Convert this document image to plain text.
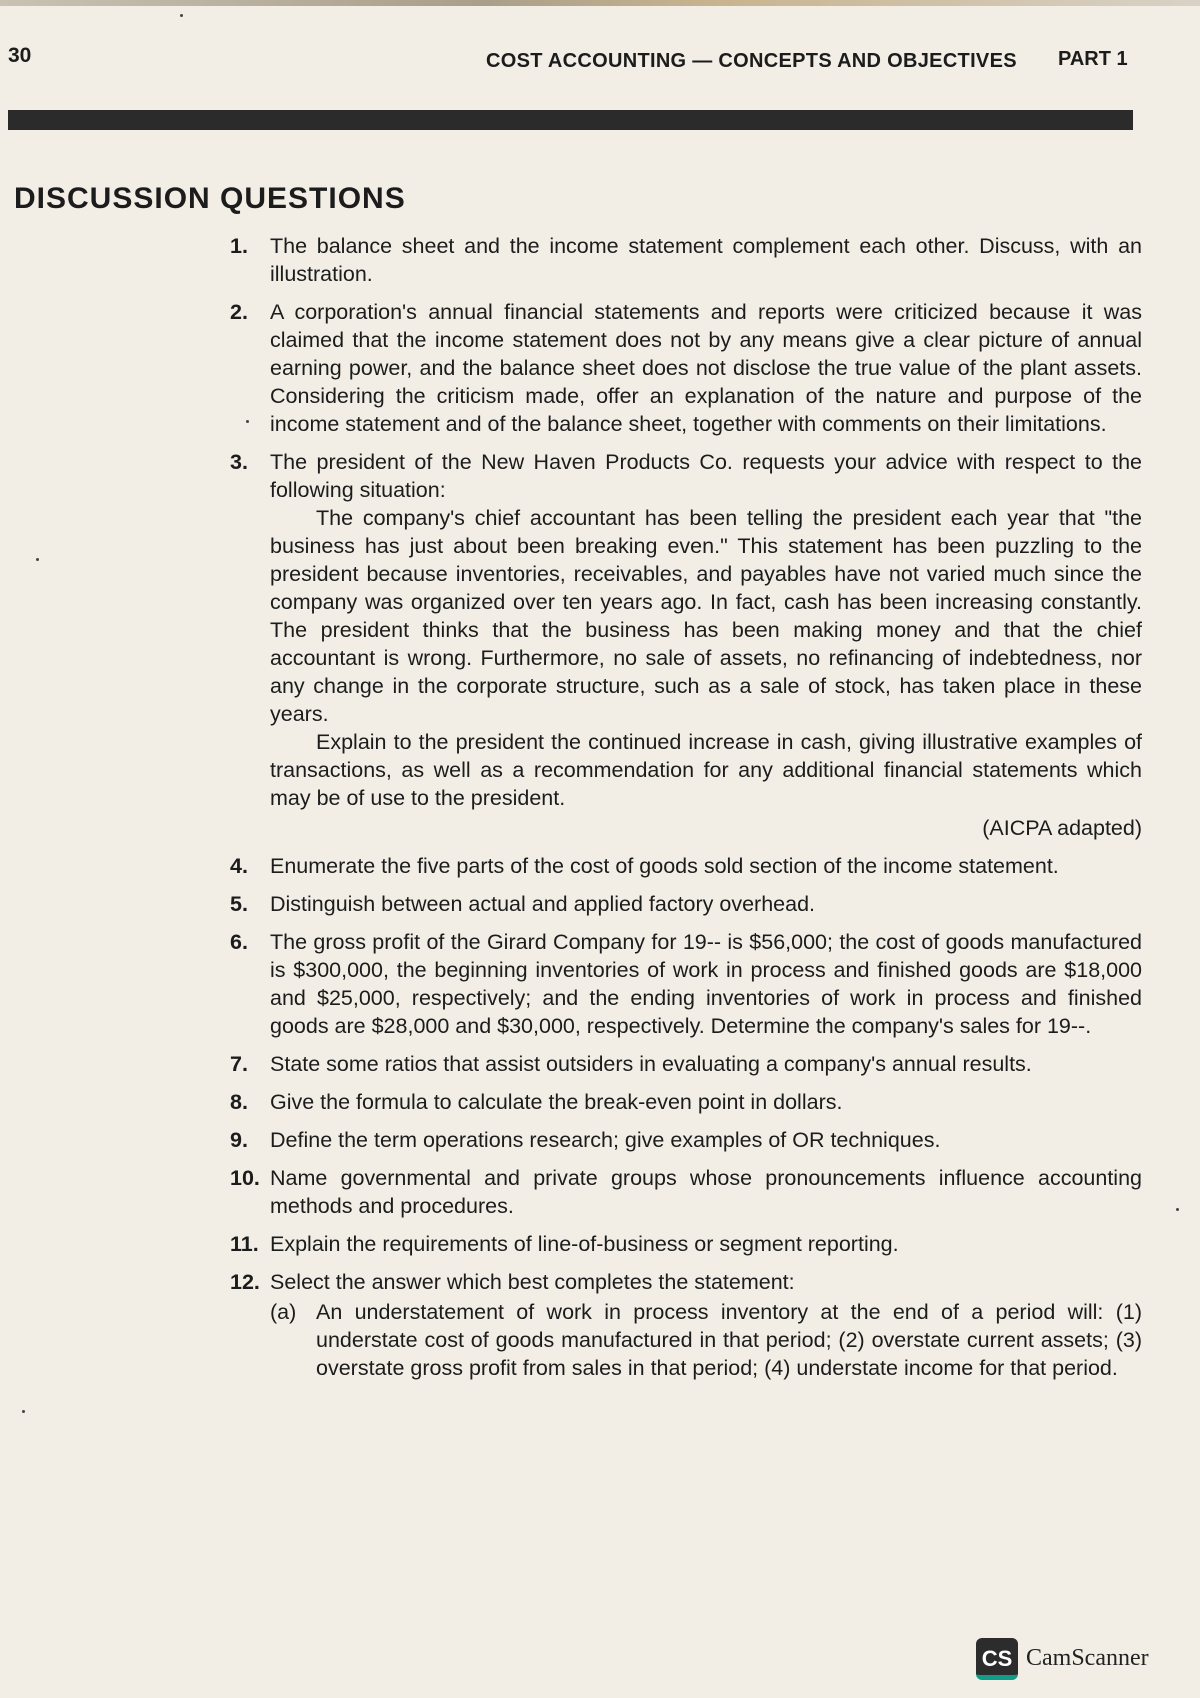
30	COST ACCOUNTING — CONCEPTS AND OBJECTIVES PART 1
DISCUSSION QUESTIONS
1. The balance sheet and the income statement complement each other. Discuss, with an illustration.

2. A corporation's annual financial statements and reports were criticized because it was claimed that the income statement does not by any means give a clear picture of annual earning power, and the balance sheet does not disclose the true value of the plant assets. Considering the criticism made, offer an explanation of the nature and purpose of the income statement and of the balance sheet, together with comments on their limitations.

3. The president of the New Haven Products Co. requests your advice with respect to the following situation:

The company's chief accountant has been telling the president each year that "the business has just about been breaking even." This statement has been puzzling to the president because inventories, receivables, and payables have not varied much since the company was organized over ten years ago. In fact, cash has been increasing constantly. The president thinks that the business has been making money and that the chief accountant is wrong. Furthermore, no sale of assets, no refinancing of indebtedness, nor any change in the corporate structure, such as a sale of stock, has taken place in these years.

Explain to the president the continued increase in cash, giving illustrative examples of transactions, as well as a recommendation for any additional financial statements which may be of use to the president.

(AICPA adapted)

4. Enumerate the five parts of the cost of goods sold section of the income statement.

5. Distinguish between actual and applied factory overhead.

6. The gross profit of the Girard Company for 19-- is $56,000; the cost of goods manufactured is $300,000, the beginning inventories of work in process and finished goods are $18,000 and $25,000, respectively; and the ending inventories of work in process and finished goods are $28,000 and $30,000, respectively. Determine the company's sales for 19--.

7. State some ratios that assist outsiders in evaluating a company's annual results.

8. Give the formula to calculate the break-even point in dollars.

9. Define the term operations research; give examples of OR techniques.

10. Name governmental and private groups whose pronouncements influence accounting methods and procedures.

11. Explain the requirements of line-of-business or segment reporting.

12. Select the answer which best completes the statement:

(a) An understatement of work in process inventory at the end of a period will: (1) understate cost of goods manufactured in that period; (2) overstate current assets; (3) overstate gross profit from sales in that period; (4) understate income for that period.

CS CamScanner
